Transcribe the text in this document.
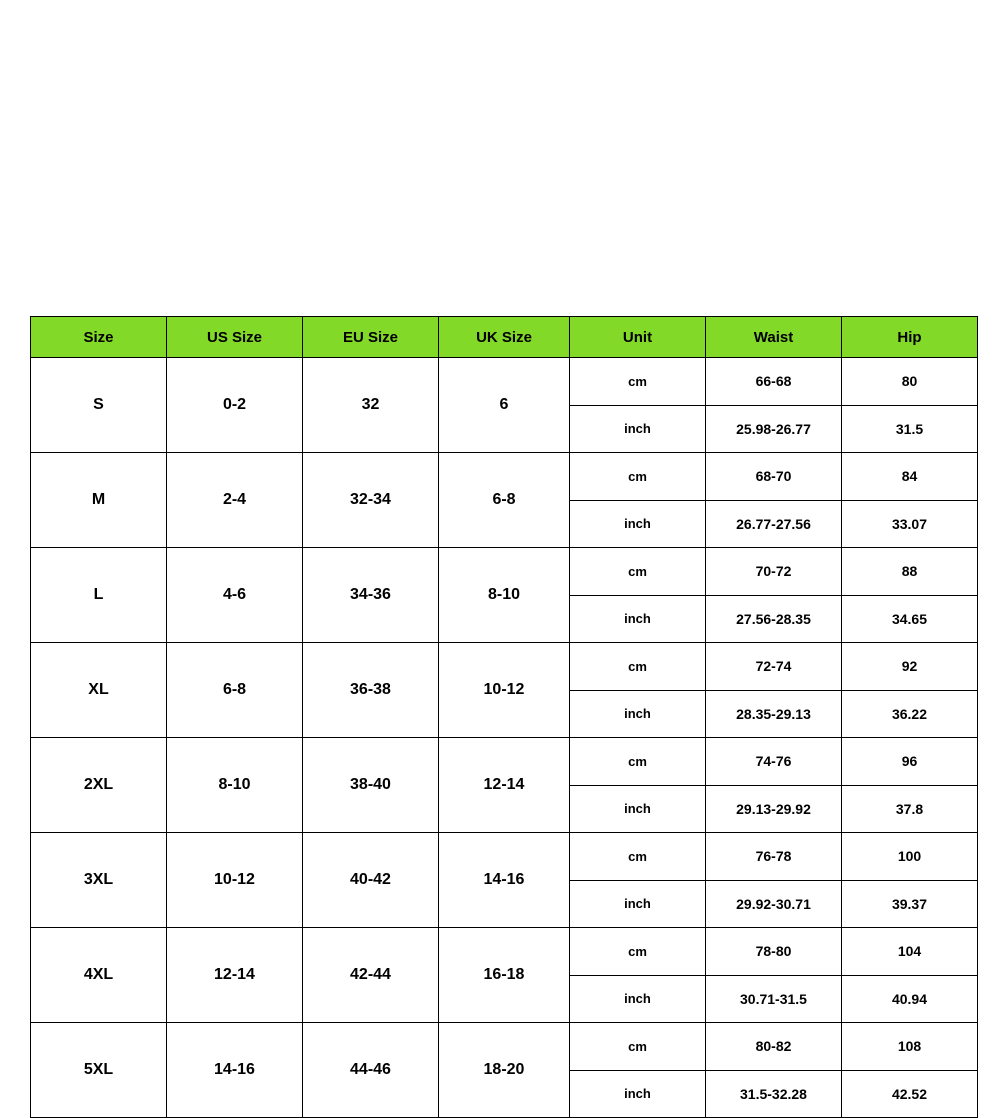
Size	US Size	EU Size	UK Size	Unit	Waist	Hip
S	0-2	32	6	cm	66-68	80
				inch	25.98-26.77	31.5
M	2-4	32-34	6-8	cm	68-70	84
				inch	26.77-27.56	33.07
L	4-6	34-36	8-10	cm	70-72	88
				inch	27.56-28.35	34.65
XL	6-8	36-38	10-12	cm	72-74	92
				inch	28.35-29.13	36.22
2XL	8-10	38-40	12-14	cm	74-76	96
				inch	29.13-29.92	37.8
3XL	10-12	40-42	14-16	cm	76-78	100
				inch	29.92-30.71	39.37
4XL	12-14	42-44	16-18	cm	78-80	104
				inch	30.71-31.5	40.94
5XL	14-16	44-46	18-20	cm	80-82	108
				inch	31.5-32.28	42.52
